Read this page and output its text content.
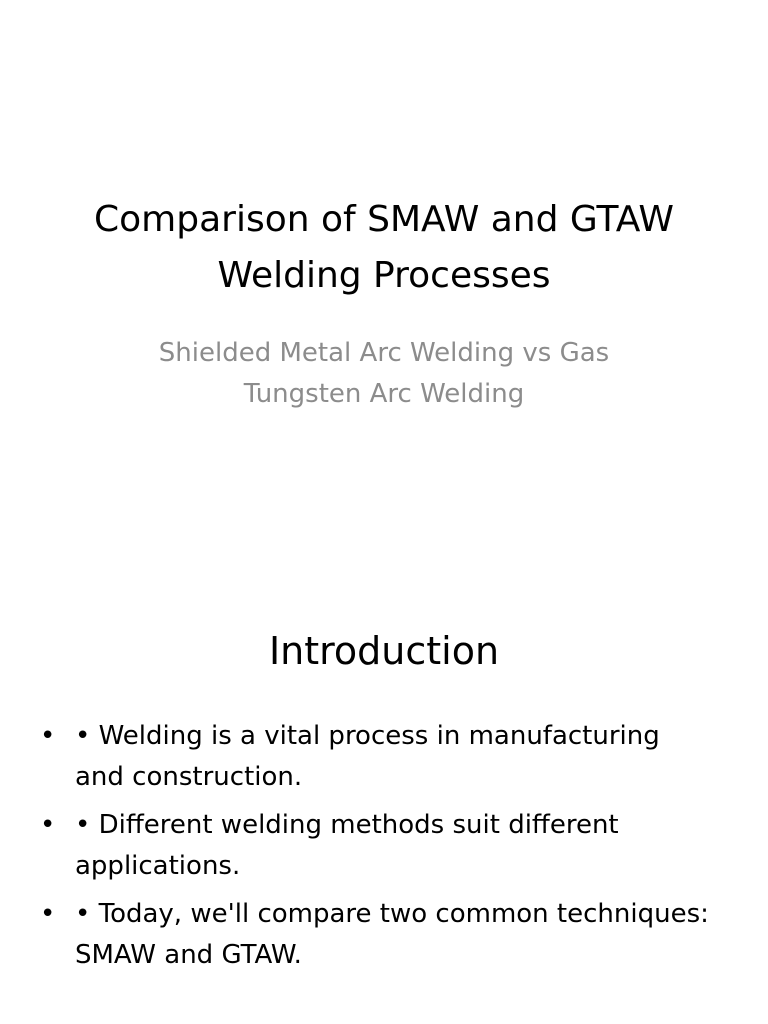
Comparison of SMAW and GTAW Welding Processes

Shielded Metal Arc Welding vs Gas Tungsten Arc Welding

Introduction
• • Welding is a vital process in manufacturing and construction.
• • Different welding methods suit different applications.
• • Today, we'll compare two common techniques: SMAW and GTAW.
